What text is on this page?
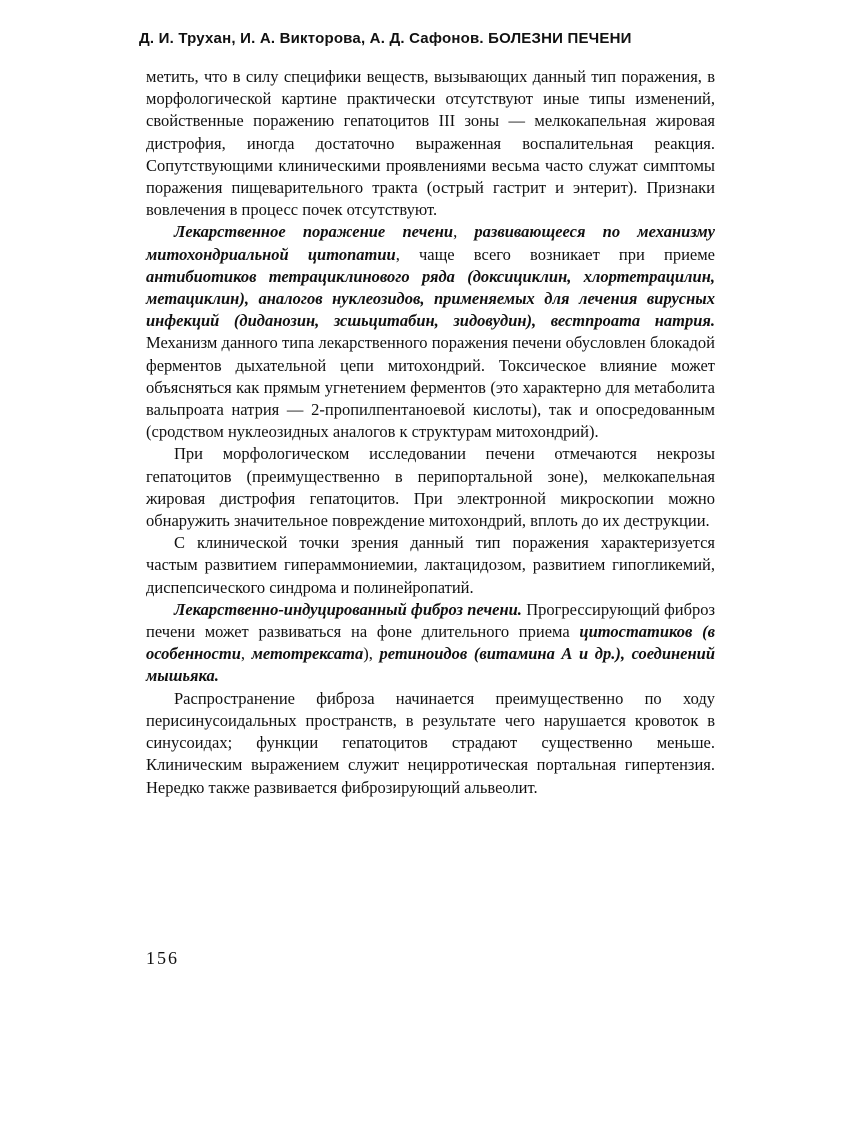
Д. И. Трухан, И. А. Викторова, А. Д. Сафонов. БОЛЕЗНИ ПЕЧЕНИ

метить, что в силу специфики веществ, вызывающих данный тип поражения, в морфологической картине практически отсутствуют иные типы изменений, свойственные поражению гепатоцитов III зоны — мелкокапельная жировая дистрофия, иногда достаточно выраженная воспалительная реакция. Сопутствующими клиническими проявлениями весьма часто служат симптомы поражения пищеварительного тракта (острый гастрит и энтерит). Признаки вовлечения в процесс почек отсутствуют.

Лекарственное поражение печени, развивающееся по механизму митохондриальной цитопатии, чаще всего возникает при приеме антибиотиков тетрациклинового ряда (доксициклин, хлортетрацилин, метациклин), аналогов нуклеозидов, применяемых для лечения вирусных инфекций (диданозин, зсшьцитабин, зидовудин), вестпроата натрия. Механизм данного типа лекарственного поражения печени обусловлен блокадой ферментов дыхательной цепи митохондрий. Токсическое влияние может объясняться как прямым угнетением ферментов (это характерно для метаболита вальпроата натрия — 2-пропилпентаноевой кислоты), так и опосредованным (сродством нуклеозидных аналогов к структурам митохондрий).

При морфологическом исследовании печени отмечаются некрозы гепатоцитов (преимущественно в перипортальной зоне), мелкокапельная жировая дистрофия гепатоцитов. При электронной микроскопии можно обнаружить значительное повреждение митохондрий, вплоть до их деструкции.

С клинической точки зрения данный тип поражения характеризуется частым развитием гипераммониемии, лактацидозом, развитием гипогликемий, диспепсического синдрома и полинейропатий.

Лекарственно-индуцированный фиброз печени. Прогрессирующий фиброз печени может развиваться на фоне длительного приема цитостатиков (в особенности, метотрексата), ретиноидов (витамина А и др.), соединений мышьяка.

Распространение фиброза начинается преимущественно по ходу перисинусоидальных пространств, в результате чего нарушается кровоток в синусоидах; функции гепатоцитов страдают существенно меньше. Клиническим выражением служит нецирротическая портальная гипертензия. Нередко также развивается фиброзирующий альвеолит.

156
